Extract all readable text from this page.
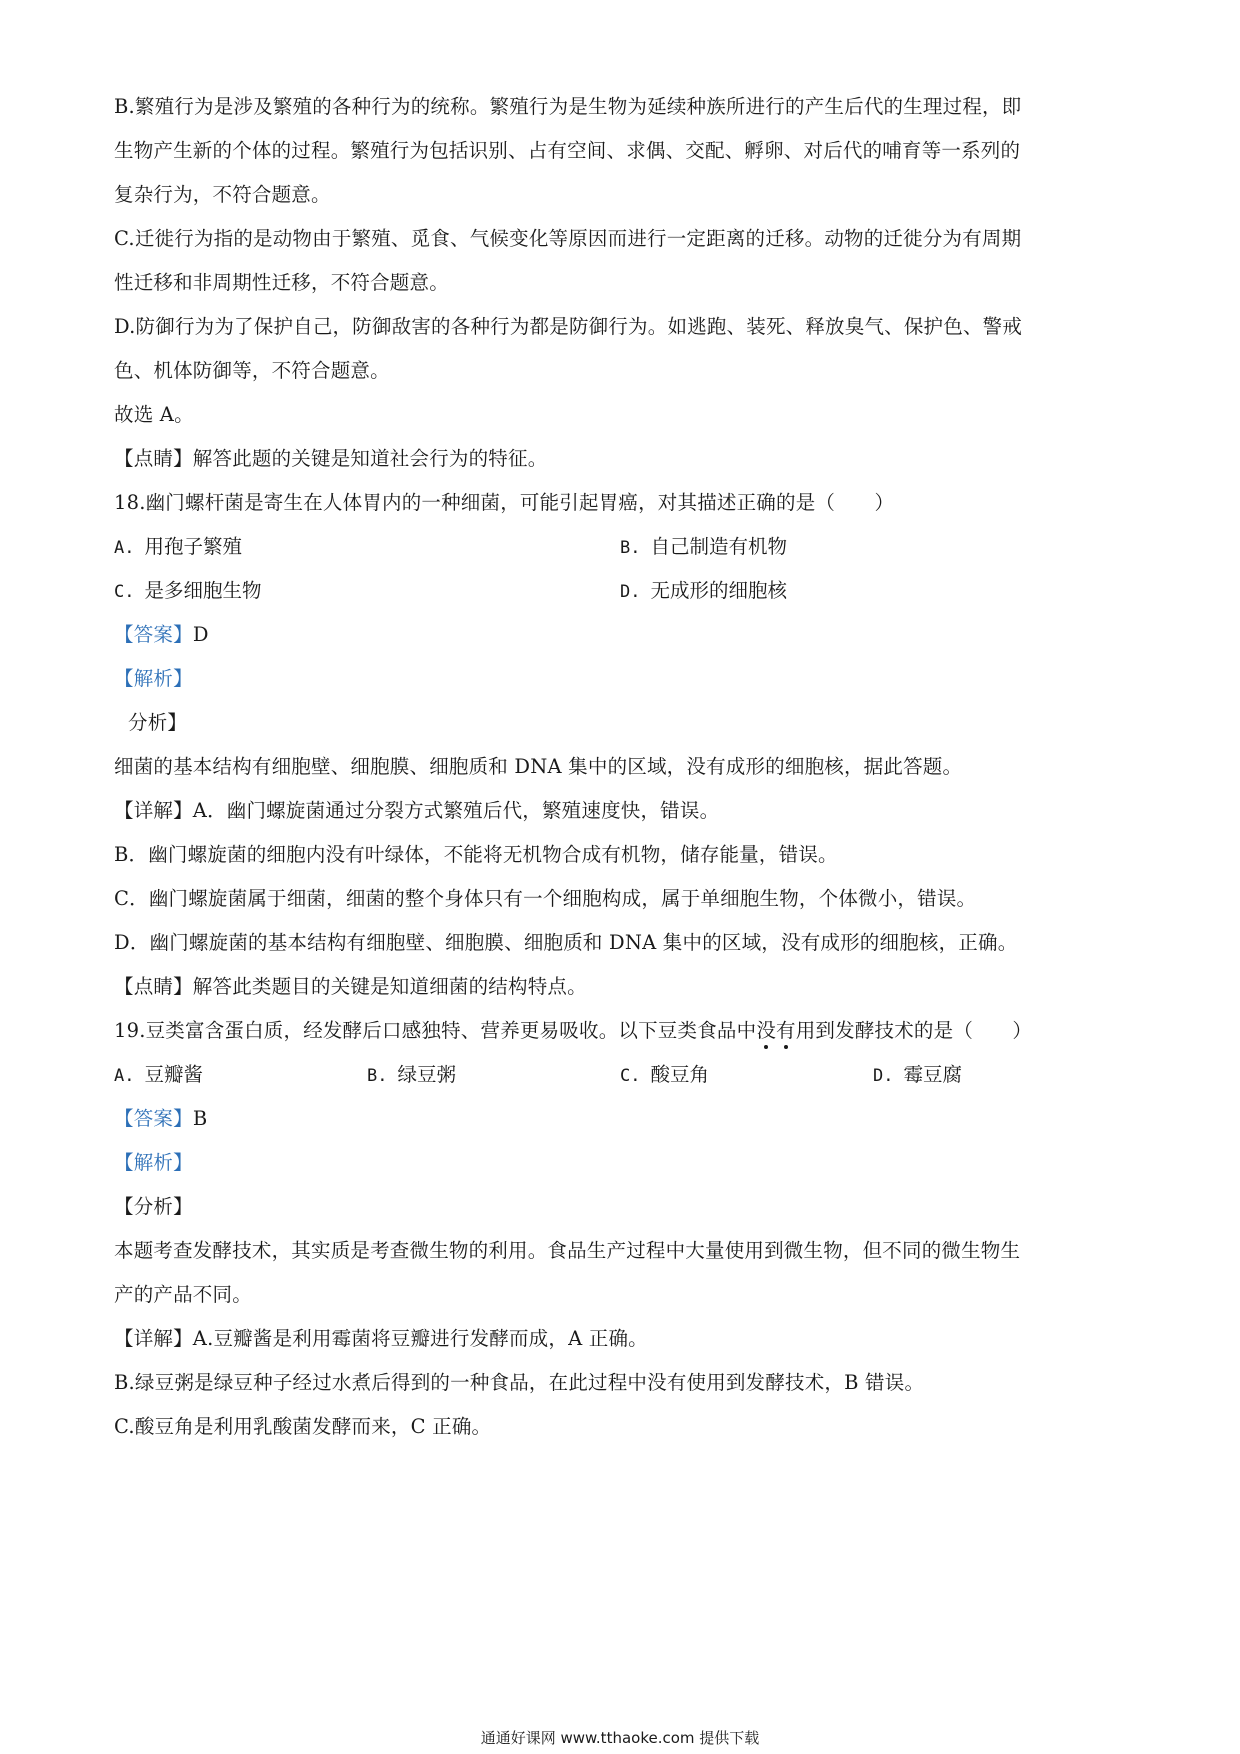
B.繁殖行为是涉及繁殖的各种行为的统称。繁殖行为是生物为延续种族所进行的产生后代的生理过程，即
生物产生新的个体的过程。繁殖行为包括识别、占有空间、求偶、交配、孵卵、对后代的哺育等一系列的
复杂行为，不符合题意。
C.迁徙行为指的是动物由于繁殖、觅食、气候变化等原因而进行一定距离的迁移。动物的迁徙分为有周期
性迁移和非周期性迁移，不符合题意。
D.防御行为为了保护自己，防御敌害的各种行为都是防御行为。如逃跑、装死、释放臭气、保护色、警戒
色、机体防御等，不符合题意。
故选 A。
【点睛】解答此题的关键是知道社会行为的特征。
18.幽门螺杆菌是寄生在人体胃内的一种细菌，可能引起胃癌，对其描述正确的是（　　）
A. 用孢子繁殖	B. 自己制造有机物
C. 是多细胞生物	D. 无成形的细胞核
【答案】D
【解析】
分析】
细菌的基本结构有细胞壁、细胞膜、细胞质和 DNA 集中的区域，没有成形的细胞核，据此答题。
【详解】A．幽门螺旋菌通过分裂方式繁殖后代，繁殖速度快，错误。
B．幽门螺旋菌的细胞内没有叶绿体，不能将无机物合成有机物，储存能量，错误。
C．幽门螺旋菌属于细菌，细菌的整个身体只有一个细胞构成，属于单细胞生物，个体微小，错误。
D．幽门螺旋菌的基本结构有细胞壁、细胞膜、细胞质和 DNA 集中的区域，没有成形的细胞核，正确。
【点睛】解答此类题目的关键是知道细菌的结构特点。
19.豆类富含蛋白质，经发酵后口感独特、营养更易吸收。以下豆类食品中没有用到发酵技术的是（　　）
A. 豆瓣酱	B. 绿豆粥	C. 酸豆角	D. 霉豆腐
【答案】B
【解析】
【分析】
本题考查发酵技术，其实质是考查微生物的利用。食品生产过程中大量使用到微生物，但不同的微生物生
产的产品不同。
【详解】A.豆瓣酱是利用霉菌将豆瓣进行发酵而成，A 正确。
B.绿豆粥是绿豆种子经过水煮后得到的一种食品，在此过程中没有使用到发酵技术，B 错误。
C.酸豆角是利用乳酸菌发酵而来，C 正确。
通通好课网 www.tthaoke.com 提供下载
